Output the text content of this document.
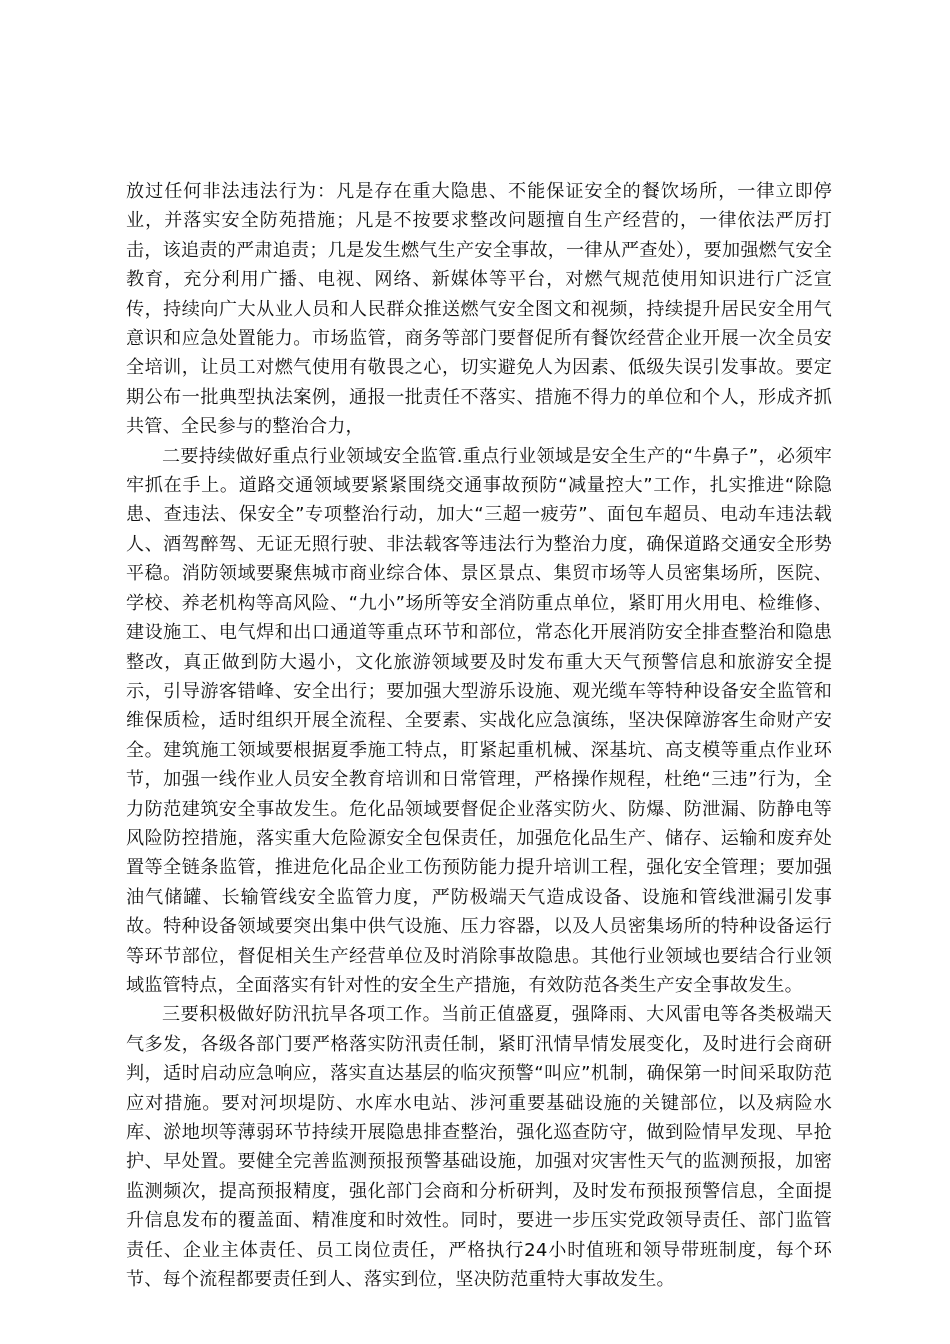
放过任何非法违法行为：凡是存在重大隐患、不能保证安全的餐饮场所，一律立即停业，并落实安全防苑措施；凡是不按要求整改问题擅自生产经营的，一律依法严厉打击，该追责的严肃追责；几是发生燃气生产安全事故，一律从严查处），要加强燃气安全教育，充分利用广播、电视、网络、新媒体等平台，对燃气规范使用知识进行广泛宣传，持续向广大从业人员和人民群众推送燃气安全图文和视频，持续提升居民安全用气意识和应急处置能力。市场监管，商务等部门要督促所有餐饮经营企业开展一次全员安全培训，让员工对燃气使用有敬畏之心，切实避免人为因素、低级失误引发事故。要定期公布一批典型执法案例，通报一批责任不落实、措施不得力的单位和个人，形成齐抓共管、全民参与的整治合力，

二要持续做好重点行业领域安全监管.重点行业领域是安全生产的“牛鼻子”，必须牢牢抓在手上。道路交通领域要紧紧围绕交通事故预防“减量控大”工作，扎实推进“除隐患、查违法、保安全”专项整治行动，加大“三超一疲劳”、面包车超员、电动车违法载人、酒驾醉驾、无证无照行驶、非法载客等违法行为整治力度，确保道路交通安全形势平稳。消防领域要聚焦城市商业综合体、景区景点、集贸市场等人员密集场所，医院、学校、养老机构等高风险、“九小”场所等安全消防重点单位，紧盯用火用电、检维修、建设施工、电气焊和出口通道等重点环节和部位，常态化开展消防安全排查整治和隐患整改，真正做到防大遏小，文化旅游领域要及时发布重大天气预警信息和旅游安全提示，引导游客错峰、安全出行；要加强大型游乐设施、观光缆车等特种设备安全监管和维保质检，适时组织开展全流程、全要素、实战化应急演练，坚决保障游客生命财产安全。建筑施工领域要根据夏季施工特点，盯紧起重机械、深基坑、高支模等重点作业环节，加强一线作业人员安全教育培训和日常管理，严格操作规程，杜绝“三违”行为，全力防范建筑安全事故发生。危化品领域要督促企业落实防火、防爆、防泄漏、防静电等风险防控措施，落实重大危险源安全包保责任，加强危化品生产、储存、运输和废弃处置等全链条监管，推进危化品企业工伤预防能力提升培训工程，强化安全管理；要加强油气储罐、长输管线安全监管力度，严防极端天气造成设备、设施和管线泄漏引发事故。特种设备领域要突出集中供气设施、压力容器，以及人员密集场所的特种设备运行等环节部位，督促相关生产经营单位及时消除事故隐患。其他行业领域也要结合行业领域监管特点，全面落实有针对性的安全生产措施，有效防范各类生产安全事故发生。

三要积极做好防汛抗旱各项工作。当前正值盛夏，强降雨、大风雷电等各类极端天气多发，各级各部门要严格落实防汛责任制，紧盯汛情旱情发展变化，及时进行会商研判，适时启动应急响应，落实直达基层的临灾预警“叫应”机制，确保第一时间采取防范应对措施。要对河坝堤防、水库水电站、涉河重要基础设施的关键部位，以及病险水库、淤地坝等薄弱环节持续开展隐患排查整治，强化巡查防守，做到险情早发现、早抢护、早处置。要健全完善监测预报预警基础设施，加强对灾害性天气的监测预报，加密监测频次，提高预报精度，强化部门会商和分析研判，及时发布预报预警信息，全面提升信息发布的覆盖面、精准度和时效性。同时，要进一步压实党政领导责任、部门监管责任、企业主体责任、员工岗位责任，严格执行24小时值班和领导带班制度，每个环节、每个流程都要责任到人、落实到位，坚决防范重特大事故发生。
